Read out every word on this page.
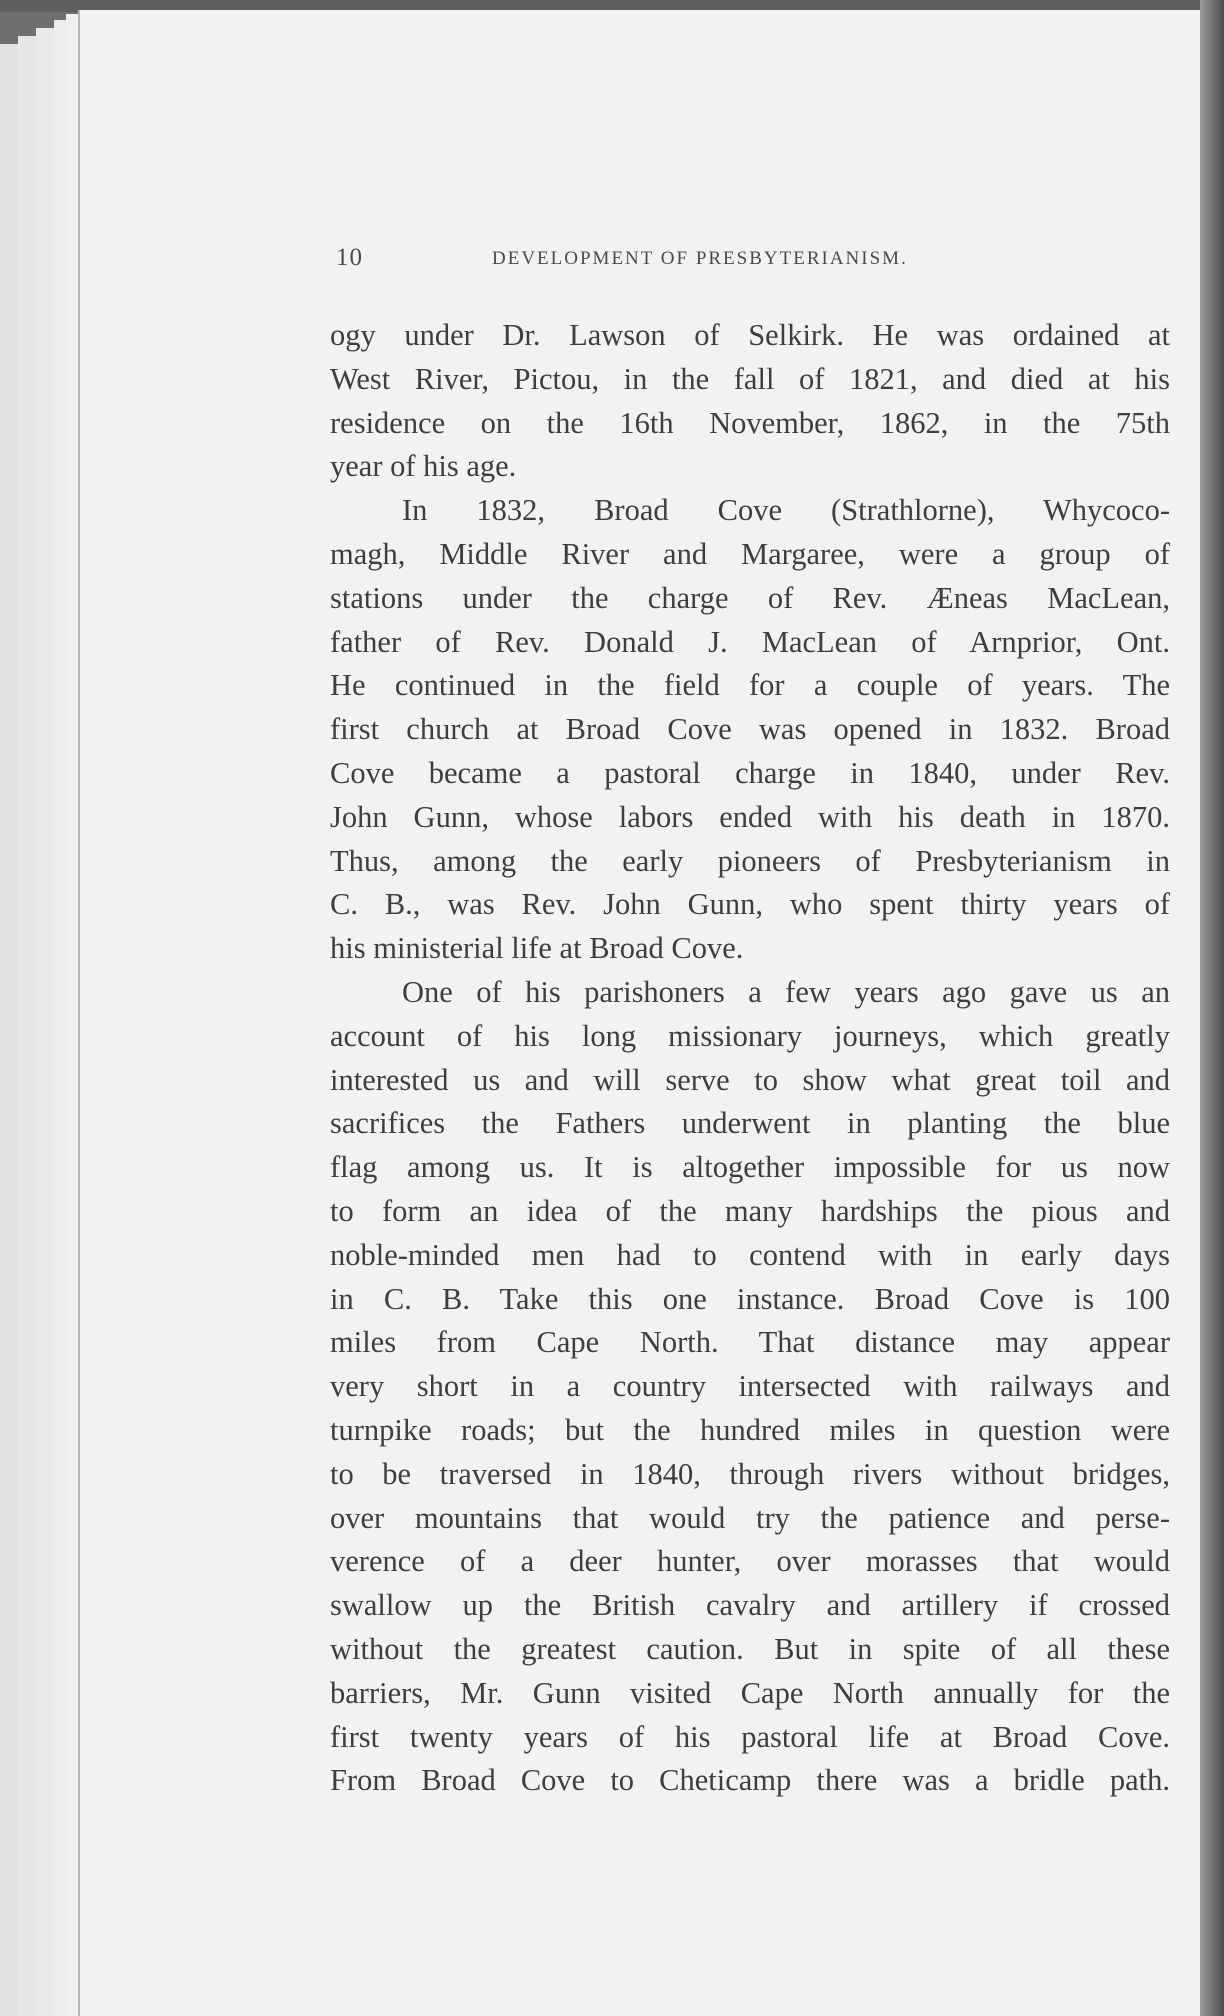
10	DEVELOPMENT OF PRESBYTERIANISM.
ogy under Dr. Lawson of Selkirk. He was ordained at
West River, Pictou, in the fall of 1821, and died at his
residence on the 16th November, 1862, in the 75th
year of his age.
In 1832, Broad Cove (Strathlorne), Whycoco-
magh, Middle River and Margaree, were a group of
stations under the charge of Rev. Æneas MacLean,
father of Rev. Donald J. MacLean of Arnprior, Ont.
He continued in the field for a couple of years. The
first church at Broad Cove was opened in 1832. Broad
Cove became a pastoral charge in 1840, under Rev.
John Gunn, whose labors ended with his death in 1870.
Thus, among the early pioneers of Presbyterianism in
C. B., was Rev. John Gunn, who spent thirty years of
his ministerial life at Broad Cove.
One of his parishoners a few years ago gave us an
account of his long missionary journeys, which greatly
interested us and will serve to show what great toil and
sacrifices the Fathers underwent in planting the blue
flag among us. It is altogether impossible for us now
to form an idea of the many hardships the pious and
noble-minded men had to contend with in early days
in C. B. Take this one instance. Broad Cove is 100
miles from Cape North. That distance may appear
very short in a country intersected with railways and
turnpike roads; but the hundred miles in question were
to be traversed in 1840, through rivers without bridges,
over mountains that would try the patience and perse-
verence of a deer hunter, over morasses that would
swallow up the British cavalry and artillery if crossed
without the greatest caution. But in spite of all these
barriers, Mr. Gunn visited Cape North annually for the
first twenty years of his pastoral life at Broad Cove.
From Broad Cove to Cheticamp there was a bridle path.
